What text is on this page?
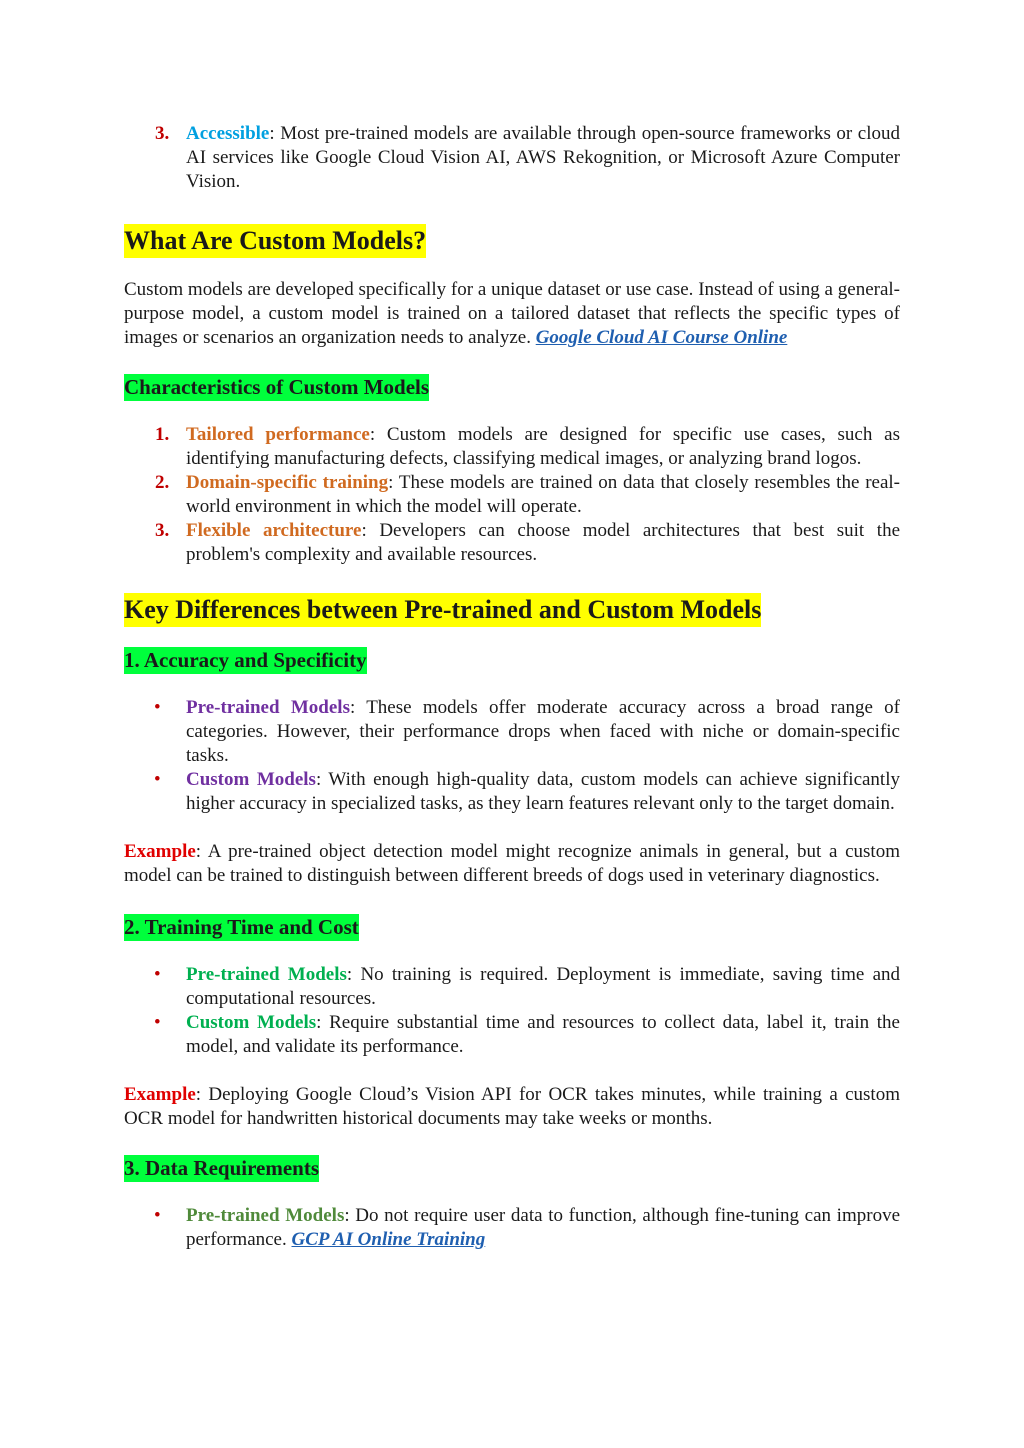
3. Accessible: Most pre-trained models are available through open-source frameworks or cloud AI services like Google Cloud Vision AI, AWS Rekognition, or Microsoft Azure Computer Vision.

What Are Custom Models?

Custom models are developed specifically for a unique dataset or use case. Instead of using a general-purpose model, a custom model is trained on a tailored dataset that reflects the specific types of images or scenarios an organization needs to analyze. Google Cloud AI Course Online

Characteristics of Custom Models
1. Tailored performance: Custom models are designed for specific use cases, such as identifying manufacturing defects, classifying medical images, or analyzing brand logos.

2. Domain-specific training: These models are trained on data that closely resembles the real-world environment in which the model will operate.

3. Flexible architecture: Developers can choose model architectures that best suit the problem's complexity and available resources.

Key Differences between Pre-trained and Custom Models
1. Accuracy and Specificity
• Pre-trained Models: These models offer moderate accuracy across a broad range of categories. However, their performance drops when faced with niche or domain-specific tasks.

• Custom Models: With enough high-quality data, custom models can achieve significantly higher accuracy in specialized tasks, as they learn features relevant only to the target domain.

Example: A pre-trained object detection model might recognize animals in general, but a custom model can be trained to distinguish between different breeds of dogs used in veterinary diagnostics.

2. Training Time and Cost
• Pre-trained Models: No training is required. Deployment is immediate, saving time and computational resources.

• Custom Models: Require substantial time and resources to collect data, label it, train the model, and validate its performance.

Example: Deploying Google Cloud’s Vision API for OCR takes minutes, while training a custom OCR model for handwritten historical documents may take weeks or months.

3. Data Requirements
• Pre-trained Models: Do not require user data to function, although fine-tuning can improve performance. GCP AI Online Training
